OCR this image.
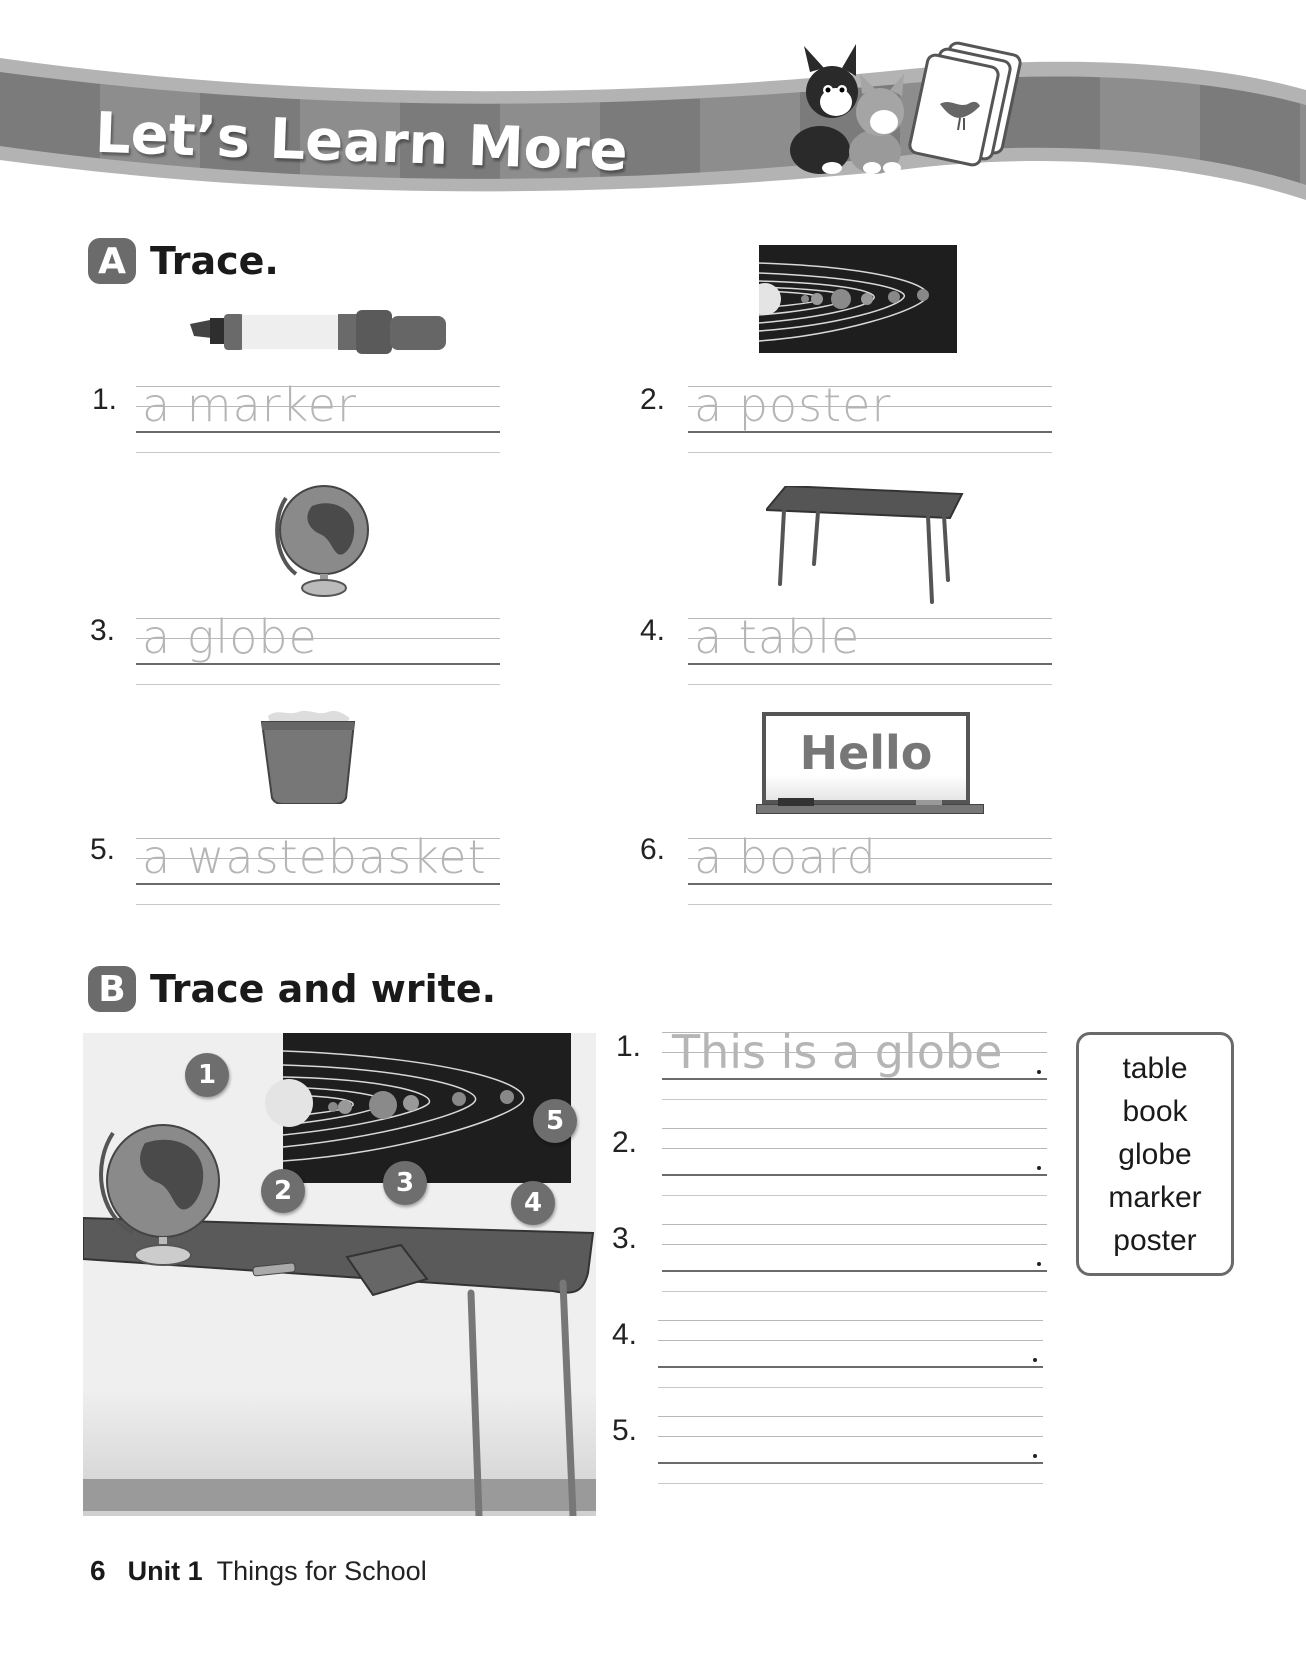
Let’s Learn More
A Trace.
1. a marker	2. a poster
3. a globe	4. a table
5. a wastebasket
Hello
6. a board
B Trace and write.
1
2	3
4
5
1. This is a globe
2.
3.
4.
5.
table
book
globe
marker
poster
6 Unit 1 Things for School
